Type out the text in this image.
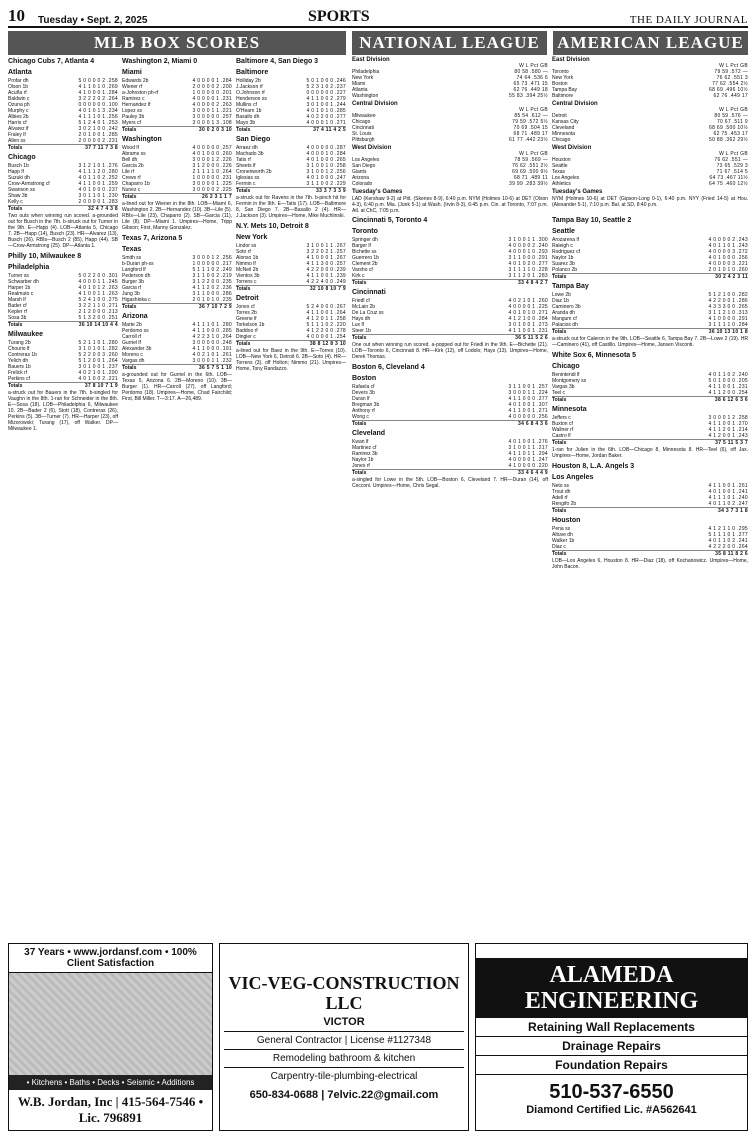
10	Tuesday • Sept. 2, 2025	SPORTS	THE DAILY JOURNAL
MLB BOX SCORES
Chicago Cubs 7, Atlanta 4
Atlanta
Profar dh	5 0 0 0 0 2 .258
Olson 1b	4 1 1 0 1 0 .269
Acuña rf	4 1 0 0 0 1 .284
Baldwin c	3 2 2 2 0 2 .264
Ozuna ph	0 0 0 0 0 0 .100
Murphy c	4 0 1 0 1 3 .234
Albies 2b	4 1 1 1 0 1 .256
Harris cf	5 1 2 4 0 1 .253
Alvarez lf	3 0 2 1 0 0 .242
Fraley lf	2 0 1 0 0 1 .285
Allen ss	2 0 0 0 0 2 .231
Totals	37 7 11 7 3 8
Chicago
Busch 1b	3 1 2 1 0 1 .276
Happ lf	4 1 1 1 2 0 .280
Suzuki dh	4 0 1 1 0 2 .252
Crow-Armstrong cf	4 1 1 0 0 1 .259
Swanson ss	4 0 1 0 0 0 .237
Shaw 3b	3 0 1 1 0 1 .230
Kelly c	2 0 0 0 0 1 .283
Totals	32 4 7 4 3 8
Two outs when winning run scored. a-grounded out for Busch in the 7th. b-struck out for Turner in the 9th. E—Happ (4). LOB—Atlanta 5, Chicago 7. 2B—Happ (14), Busch (23). HR—Alvarez (13), Busch (26). RBIs—Busch 2 (85), Happ (44). SB—Crow-Armstrong (25). DP—Atlanta 1.
Philly 10, Milwaukee 8
Philadelphia
Turner ss	5 0 2 2 0 0 .301
Schwarber dh	4 0 0 0 1 1 .245
Harper 1b	4 0 1 0 1 2 .263
Realmuto c	4 1 0 0 1 1 .263
Marsh lf	5 2 4 1 0 0 .275
Bader cf	3 2 2 1 1 0 .271
Kepler rf	2 1 2 0 0 0 .213
Sosa 3b	5 1 3 2 0 0 .251
Totals	36 10 14 10 4 4
Milwaukee
Turang 2b	5 2 1 1 0 1 .280
Chourio lf	3 1 0 1 0 1 .282
Contreras 1b	5 2 2 0 0 3 .260
Yelich dh	5 1 2 0 0 1 .264
Bauers 1b	3 0 1 0 0 1 .237
Frelick rf	4 0 2 1 0 1 .290
Perkins cf	4 0 1 0 0 2 .221
Totals	37 8 10 7 1 9
a-struck out for Bauers in the 7th. b-singled for Vaughn in the 8th. 1-ran for Schneider in the 8th. E—Sosa (18). LOB—Philadelphia 6, Milwaukee 10. 2B—Bader 2 (6), Stott (18), Contreras (26), Perkins (5). 3B—Turner (7). HR—Harper (23), off Mizorowski; Turang (17), off Walker. DP—Milwaukee 1.
Washington 2, Miami 0
Miami
Edwards 2b	4 0 0 0 0 1 .284
Wiener rf	2 0 0 0 0 2 .200
a-Johnston ph-rf	1 0 0 0 0 0 .201
Ramirez c	4 0 0 0 0 1 .231
Hernandez lf	4 0 0 0 0 2 .263
Lopez ss	3 0 0 0 1 1 .221
Pauley 3b	3 0 0 0 0 0 .257
Myers cf	3 0 0 0 1 3 .108
Totals	30 0 2 0 3 10
Washington
Wood lf	4 0 0 0 0 0 .257
Abrams ss	4 0 1 0 0 0 .260
Bell dh	3 0 0 0 1 2 .226
Garcia 2b	3 1 2 0 0 0 .226
Lile rf	2 1 1 1 1 0 .264
Crews rf	1 0 0 0 0 0 .231
Chaparro 1b	3 0 0 0 0 1 .225
Nunez c	3 0 0 0 0 2 .225
Totals	26 2 3 1 1 7
a-lined out for Wiener in the 8th. LOB—Miami 6, Washington 2. 2B—Hernandez (10). 3B—Lile (5). RBIs—Lile (23), Chaparro (2). SB—Garcia (11), Lile (8). DP—Miami 1. Umpires—Home, Tripp Gibson; First, Manny Gonzalez.
Texas 7, Arizona 5
Texas
Smith ss	3 0 0 0 1 2 .256
b-Duran ph-ss	1 0 0 0 0 0 .217
Langford lf	5 1 1 1 0 2 .249
Pederson dh	3 1 1 0 0 2 .219
Burger 3b	3 1 2 2 0 0 .235
Garcia rf	4 1 1 2 0 2 .236
Jung 3b	3 1 1 0 0 0 .286
Higashioka c	2 0 1 0 1 0 .235
Totals	36 7 10 7 2 9
Arizona
Marte 2b	4 1 1 1 0 1 .280
Perdomo ss	4 1 1 0 0 0 .285
Carroll rf	4 2 2 3 1 0 .264
Gurriel lf	3 0 0 0 0 0 .248
Alexander 3b	4 1 1 0 0 0 .191
Moreno c	4 0 2 1 0 1 .261
Vargas dh	3 0 0 0 1 1 .232
Totals	36 5 7 5 1 10
a-grounded out for Gurriel in the 6th. LOB—Texas 5, Arizona 6. 2B—Moreno (10). 3B—Burger (1). HR—Carroll (27), off Langford; Perdomo (18). Umpires—Home, Chad Fairchild; First, Bill Miller. T—3:17. A—26,489.
Baltimore 4, San Diego 3
Baltimore
Holliday 2b	5 0 1 0 0 0 .246
J.Jackson rf	5 2 3 1 0 2 .237
O.Johnson rf	0 0 0 0 0 0 .227
Henderson ss	4 1 1 0 0 2 .279
Mullins cf	3 0 1 0 0 1 .244
O'Hearn 1b	4 0 1 0 1 0 .285
Basallo dh	4 0 2 2 0 0 .277
Mayo 3b	4 0 0 0 1 0 .271
Totals	37 4 11 4 2 5
San Diego
Arraez dh	4 0 0 0 0 0 .287
Machado 3b	4 0 0 0 1 0 .284
Tatis rf	4 0 1 0 0 0 .265
Sheets lf	3 1 0 0 1 0 .258
Cronenworth 2b	3 1 0 0 1 2 .256
Iglesias ss	4 0 1 0 0 0 .247
Fermin c	3 1 1 0 0 2 .229
Totals	33 3 7 3 3 9
a-struck out for Ravens in the 7th. b-pinch hit for Fermin in the 9th. E—Tatis (17). LOB—Baltimore 8, San Diego 7. 2B—Basallo 2 (4). HR—J.Jackson (3). Umpires—Home, Mike Muchlinski.
N.Y. Mets 10, Detroit 8
New York
Lindor ss	3 1 0 0 1 1 .267
Soto rf	3 2 2 0 2 1 .257
Alonso 1b	4 1 0 0 0 1 .267
Nimmo lf	4 1 1 3 0 0 .257
McNeil 2b	4 2 2 0 0 0 .239
Vientos 3b	4 1 1 0 0 1 .239
Torrens c	4 2 2 4 0 0 .249
Totals	32 10 8 10 7 9
Detroit
Jones cf	5 2 4 0 0 0 .267
Torres 2b	4 1 1 0 0 1 .264
Greene lf	4 1 2 0 1 1 .258
Torkelson 1b	5 1 1 1 0 2 .220
Baddoo rf	4 1 2 2 0 0 .278
Dingler c	4 0 0 0 0 1 .254
Totals	38 8 12 8 3 10
a-lined out for Baez in the 9th. E—Torres (10). LOB—New York 6, Detroit 6. 2B—Soto (4). HR—Torrens (3), off Holton; Nimmo (21). Umpires—Home, Tony Randazzo.
NATIONAL LEAGUE	AMERICAN LEAGUE
East Division
W L Pct GB
Philadelphia	80 58 .580 —
New York	74 64 .536 6
Miami	65 73 .471 15
Atlanta	62 76 .449 18
Washington	55 83 .394 25½
Central Division
W L Pct GB
Milwaukee	85 54 .612 —
Chicago	79 59 .572 5½
Cincinnati	70 69 .504 15
St. Louis	68 71 .489 17
Pittsburgh	61 77 .442 23½
West Division
W L Pct GB
Los Angeles	78 59 .569 —
San Diego	76 62 .551 2½
Giants	69 69 .500 9½
Arizona	68 71 .489 11
Colorado	39 99 .283 39½
Tuesday's Games
LAD (Kershaw 9-2) at Pitt. (Skenes 8-9), 6:40 p.m. NYM (Holmes 10-6) at DET (Olson 4-3), 6:40 p.m. Mia. (Junk 5-1) at Wash. (Irvin 8-3), 6:45 p.m. Cin. at Toronto, 7:07 p.m. Atl. at ChC, 7:05 p.m.
East Division
W L Pct GB
Toronto	79 59 .572 —
New York	76 62 .551 3
Boston	77 62 .554 2½
Tampa Bay	68 69 .496 10½
Baltimore	62 76 .449 17
Central Division
W L Pct GB
Detroit	80 59 .576 —
Kansas City	70 67 .511 9
Cleveland	68 69 .500 10½
Minnesota	62 75 .453 17
Chicago	50 88 .362 29½
West Division
W L Pct GB
Houston	76 62 .551 —
Seattle	73 65 .529 3
Texas	71 67 .514 5
Los Angeles	64 73 .467 11½
Athletics	64 75 .460 12½
Tuesday's Games
NYM (Holmes 10-6) at DET (Gipson-Long 0-1), 6:40 p.m. NYY (Fried 14-5) at Hou. (Alexander 5-1), 7:10 p.m. Bal. at SD, 8:40 p.m.
Cincinnati 5, Toronto 4
Toronto
Springer dh	3 1 0 0 1 1 .300
Barger lf	4 0 0 0 0 2 .240
Bichette ss	4 0 0 0 1 0 .293
Guerrero 1b	3 1 1 0 0 0 .291
Clement 2b	4 0 1 0 2 0 .277
Varsho cf	3 1 1 1 1 0 .228
Kirk c	3 1 1 2 0 1 .283
Totals	33 4 8 4 2 7
Cincinnati
Friedl cf	4 0 2 1 0 1 .260
McLain 2b	4 0 0 0 0 1 .225
De La Cruz ss	4 0 1 0 1 0 .271
Hays dh	4 1 2 1 0 0 .284
Lux lf	3 0 1 0 0 1 .273
Steer 1b	4 1 1 0 0 1 .231
Totals	36 5 11 5 2 6
One out when winning run scored. a-popped out for Friedl in the 9th. E—Bichette (21). LOB—Toronto 6, Cincinnati 8. HR—Kirk (12), off Lodolo; Hays (13). Umpires—Home, Derek Thomas.
Boston 6, Cleveland 4
Boston
Rafaela cf	3 1 1 0 0 1 .257
Devers 3b	3 0 0 0 1 1 .224
Duran lf	4 1 1 0 0 0 .277
Bregman 3b	4 0 1 0 0 1 .307
Anthony rf	4 1 1 0 0 1 .271
Wong c	4 0 0 0 0 0 .256
Totals	34 6 8 4 3 6
Cleveland
Kwan lf	4 0 1 0 0 1 .276
Martinez cf	3 1 0 0 1 1 .217
Ramirez 3b	4 1 1 0 1 1 .294
Naylor 1b	4 0 0 0 0 1 .247
Jones rf	4 1 0 0 0 0 .220
Totals	33 4 6 4 4 9
a-singled for Lowe in the 5th. LOB—Boston 6, Cleveland 7. HR—Duran (14), off Cecconi. Umpires—Home, Chris Segal.
Tampa Bay 10, Seattle 2
Seattle
Arozarena lf	4 0 0 0 0 2 .243
Raleigh c	4 0 1 1 0 1 .243
Rodriguez cf	4 0 0 0 0 3 .272
Naylor 1b	4 0 1 0 0 0 .256
Suarez 3b	4 0 0 0 0 3 .221
Polanco 2b	2 0 1 0 1 0 .260
Totals	30 2 4 2 3 11
Tampa Bay
Lowe 2b	5 1 2 1 0 0 .282
Diaz 1b	4 2 2 0 0 1 .286
Caminero 3b	4 3 3 3 0 0 .265
Aranda dh	3 1 1 2 1 0 .313
Mangum cf	4 1 0 0 0 0 .291
Palacios dh	3 1 1 1 1 0 .284
Totals	36 10 13 10 1 8
a-struck out for Caleron in the 9th. LOB—Seattle 6, Tampa Bay 7. 2B—Lowe 2 (19). HR—Caminero (41), off Castillo. Umpires—Home, Jansen Visconti.
White Sox 6, Minnesota 5
Chicago
Benintendi lf	4 0 1 1 0 2 .240
Montgomery ss	5 0 1 0 0 0 .205
Vargas 3b	4 1 1 0 0 1 .231
Teel c	4 1 1 2 0 0 .254
Totals	38 6 12 6 3 6
Minnesota
Jeffers c	3 0 0 0 1 2 .258
Buxton cf	4 1 1 0 0 1 .270
Wallner rf	4 1 1 2 0 1 .214
Castro lf	4 1 2 0 0 1 .243
Totals	37 5 11 5 3 7
1-ran for Julien in the 6th. LOB—Chicago 8, Minnesota 8. HR—Teel (6), off Jax. Umpires—Home, Jordan Baker.
Houston 8, L.A. Angels 3
Los Angeles
Neto ss	4 1 1 0 0 1 .261
Trout dh	4 0 1 0 0 1 .241
Adell rf	4 1 1 1 0 1 .240
Rengifo 2b	4 0 1 1 0 2 .247
Totals	34 3 7 3 1 8
Houston
Pena ss	4 1 2 1 1 0 .295
Altuve dh	5 1 1 1 0 1 .277
Walker 1b	4 0 1 1 0 2 .241
Diaz c	4 2 2 2 0 0 .264
Totals	35 8 11 8 2 6
LOB—Los Angeles 6, Houston 8. HR—Diaz (18), off Kochanowicz. Umpires—Home, John Bacon.
37 Years • www.jordansf.com • 100% Client Satisfaction
• Kitchens • Baths • Decks • Seismic • Additions
W.B. Jordan, Inc | 415-564-7546 • Lic. 796891
VIC-VEG-CONSTRUCTION LLC
VICTOR
General Contractor | License #1127348
Remodeling bathroom & kitchen
Carpentry-tile-plumbing-electrical
650-834-0688 | 7elvic.22@gmail.com
ALAMEDA ENGINEERING
Retaining Wall Replacements
Drainage Repairs
Foundation Repairs
510-537-6550
Diamond Certified Lic. #A562641
